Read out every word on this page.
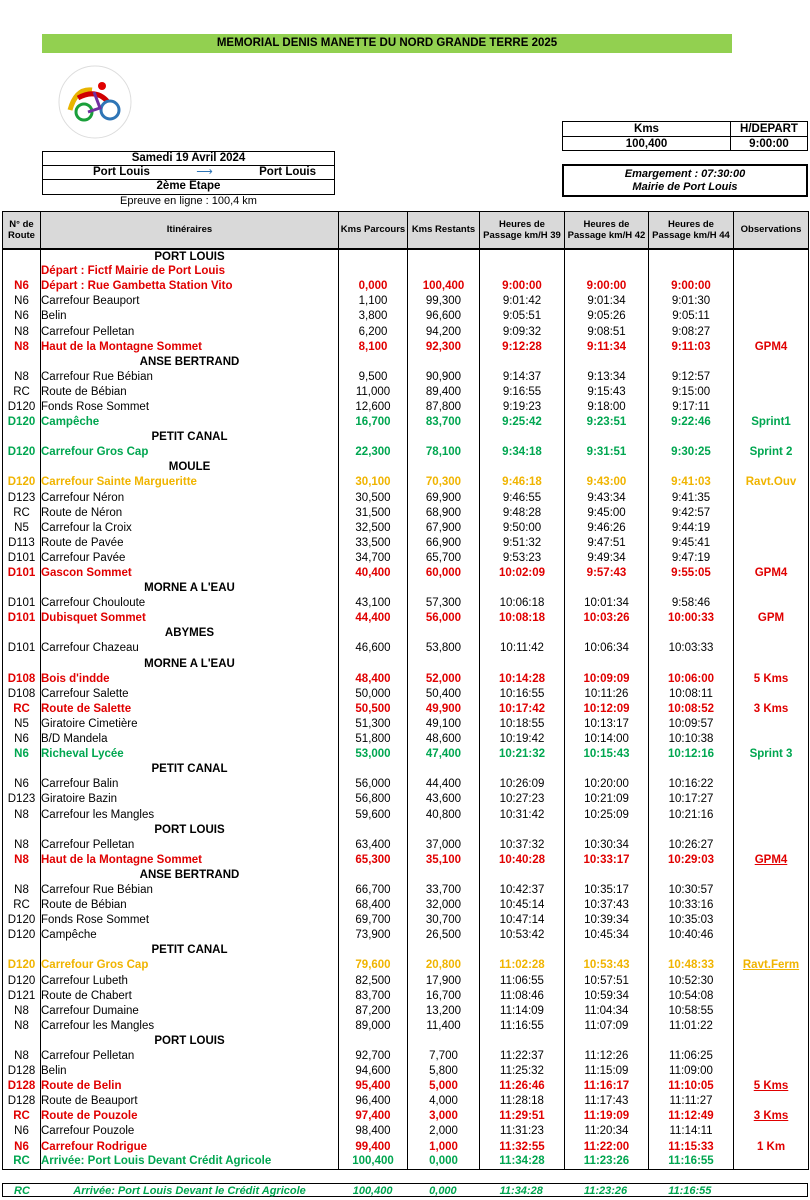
MEMORIAL DENIS MANETTE DU NORD GRANDE TERRE 2025
Kms	H/DEPART
100,400	9:00:00
Emargement : 07:30:00
Mairie de Port Louis
Samedi 19 Avril 2024
Port Louis	⟶	Port Louis
2ème Etape
Epreuve en ligne : 100,4 km
N° de Route	Itinéraires	Kms Parcours	Kms Restants	Heures de Passage km/H 39	Heures de Passage km/H 42	Heures de Passage km/H 44	Observations
	PORT LOUIS						
	Départ : Fictf Mairie de Port Louis						
N6	Départ : Rue Gambetta Station Vito	0,000	100,400	9:00:00	9:00:00	9:00:00	
N6	Carrefour Beauport	1,100	99,300	9:01:42	9:01:34	9:01:30	
N6	Belin	3,800	96,600	9:05:51	9:05:26	9:05:11	
N8	Carrefour Pelletan	6,200	94,200	9:09:32	9:08:51	9:08:27	
N8	Haut de la Montagne Sommet	8,100	92,300	9:12:28	9:11:34	9:11:03	GPM4
	ANSE BERTRAND						
N8	Carrefour Rue Bébian	9,500	90,900	9:14:37	9:13:34	9:12:57	
RC	Route de Bébian	11,000	89,400	9:16:55	9:15:43	9:15:00	
D120	Fonds Rose Sommet	12,600	87,800	9:19:23	9:18:00	9:17:11	
D120	Campêche	16,700	83,700	9:25:42	9:23:51	9:22:46	Sprint1
	PETIT CANAL						
D120	Carrefour Gros Cap	22,300	78,100	9:34:18	9:31:51	9:30:25	Sprint 2
	MOULE						
D120	Carrefour Sainte Margueritte	30,100	70,300	9:46:18	9:43:00	9:41:03	Ravt.Ouv
D123	Carrefour Néron	30,500	69,900	9:46:55	9:43:34	9:41:35	
RC	Route de Néron	31,500	68,900	9:48:28	9:45:00	9:42:57	
N5	Carrefour la Croix	32,500	67,900	9:50:00	9:46:26	9:44:19	
D113	Route de Pavée	33,500	66,900	9:51:32	9:47:51	9:45:41	
D101	Carrefour Pavée	34,700	65,700	9:53:23	9:49:34	9:47:19	
D101	Gascon Sommet	40,400	60,000	10:02:09	9:57:43	9:55:05	GPM4
	MORNE A L'EAU						
D101	Carrefour Chouloute	43,100	57,300	10:06:18	10:01:34	9:58:46	
D101	Dubisquet Sommet	44,400	56,000	10:08:18	10:03:26	10:00:33	GPM
	ABYMES						
D101	Carrefour Chazeau	46,600	53,800	10:11:42	10:06:34	10:03:33	
	MORNE A L'EAU						
D108	Bois d'indde	48,400	52,000	10:14:28	10:09:09	10:06:00	5 Kms
D108	Carrefour Salette	50,000	50,400	10:16:55	10:11:26	10:08:11	
RC	Route de Salette	50,500	49,900	10:17:42	10:12:09	10:08:52	3 Kms
N5	Giratoire Cimetière	51,300	49,100	10:18:55	10:13:17	10:09:57	
N6	B/D Mandela	51,800	48,600	10:19:42	10:14:00	10:10:38	
N6	Richeval Lycée	53,000	47,400	10:21:32	10:15:43	10:12:16	Sprint 3
	PETIT CANAL						
N6	Carrefour Balin	56,000	44,400	10:26:09	10:20:00	10:16:22	
D123	Giratoire Bazin	56,800	43,600	10:27:23	10:21:09	10:17:27	
N8	Carrefour les Mangles	59,600	40,800	10:31:42	10:25:09	10:21:16	
	PORT LOUIS						
N8	Carrefour Pelletan	63,400	37,000	10:37:32	10:30:34	10:26:27	
N8	Haut de la Montagne Sommet	65,300	35,100	10:40:28	10:33:17	10:29:03	GPM4
	ANSE BERTRAND						
N8	Carrefour Rue Bébian	66,700	33,700	10:42:37	10:35:17	10:30:57	
RC	Route de Bébian	68,400	32,000	10:45:14	10:37:43	10:33:16	
D120	Fonds Rose Sommet	69,700	30,700	10:47:14	10:39:34	10:35:03	
D120	Campêche	73,900	26,500	10:53:42	10:45:34	10:40:46	
	PETIT CANAL						
D120	Carrefour Gros Cap	79,600	20,800	11:02:28	10:53:43	10:48:33	Ravt.Ferm
D120	Carrefour Lubeth	82,500	17,900	11:06:55	10:57:51	10:52:30	
D121	Route de Chabert	83,700	16,700	11:08:46	10:59:34	10:54:08	
N8	Carrefour Dumaine	87,200	13,200	11:14:09	11:04:34	10:58:55	
N8	Carrefour les Mangles	89,000	11,400	11:16:55	11:07:09	11:01:22	
	PORT LOUIS						
N8	Carrefour Pelletan	92,700	7,700	11:22:37	11:12:26	11:06:25	
D128	Belin	94,600	5,800	11:25:32	11:15:09	11:09:00	
D128	Route de Belin	95,400	5,000	11:26:46	11:16:17	11:10:05	5 Kms
D128	Route de Beauport	96,400	4,000	11:28:18	11:17:43	11:11:27	
RC	Route de Pouzole	97,400	3,000	11:29:51	11:19:09	11:12:49	3 Kms
N6	Carrefour Pouzole	98,400	2,000	11:31:23	11:20:34	11:14:11	
N6	Carrefour Rodrigue	99,400	1,000	11:32:55	11:22:00	11:15:33	1 Km
RC	Arrivée: Port Louis Devant Crédit Agricole	100,400	0,000	11:34:28	11:23:26	11:16:55	
RC	Arrivée: Port Louis Devant le Crédit Agricole	100,400	0,000	11:34:28	11:23:26	11:16:55
